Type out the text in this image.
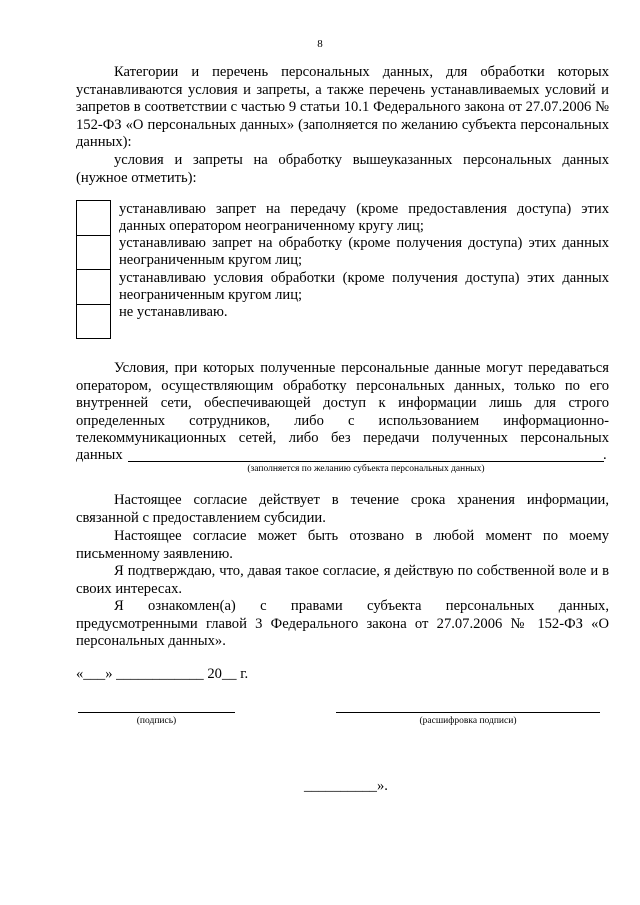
8
Категории и перечень персональных данных, для обработки которых устанавливаются условия и запреты, а также перечень устанавливаемых условий и запретов в соответствии с частью 9 статьи 10.1 Федерального закона от 27.07.2006 № 152-ФЗ «О персональных данных» (заполняется по желанию субъекта персональных данных):
условия и запреты на обработку вышеуказанных персональных данных (нужное отметить):
	устанавливаю запрет на передачу (кроме предоставления доступа) этих данных оператором неограниченному кругу лиц;
	устанавливаю запрет на обработку (кроме получения доступа) этих данных неограниченным кругом лиц;
	устанавливаю условия обработки (кроме получения доступа) этих данных неограниченным кругом лиц;
	не устанавливаю.
Условия, при которых полученные персональные данные могут передаваться оператором, осуществляющим обработку персональных данных, только по его внутренней сети, обеспечивающей доступ к информации лишь для строго определенных сотрудников, либо с использованием информационно-телекоммуникационных сетей, либо без передачи полученных персональных
данных	.
(заполняется по желанию субъекта персональных данных)
Настоящее согласие действует в течение срока хранения информации, связанной с предоставлением субсидии.
Настоящее согласие может быть отозвано в любой момент по моему письменному заявлению.
Я подтверждаю, что, давая такое согласие, я действую по собственной воле и в своих интересах.
Я ознакомлен(а) с правами субъекта персональных данных, предусмотренными главой 3 Федерального закона от 27.07.2006 № 152-ФЗ «О персональных данных».
«___» ____________ 20__ г.
(подпись)	(расшифровка подписи)
__________».
